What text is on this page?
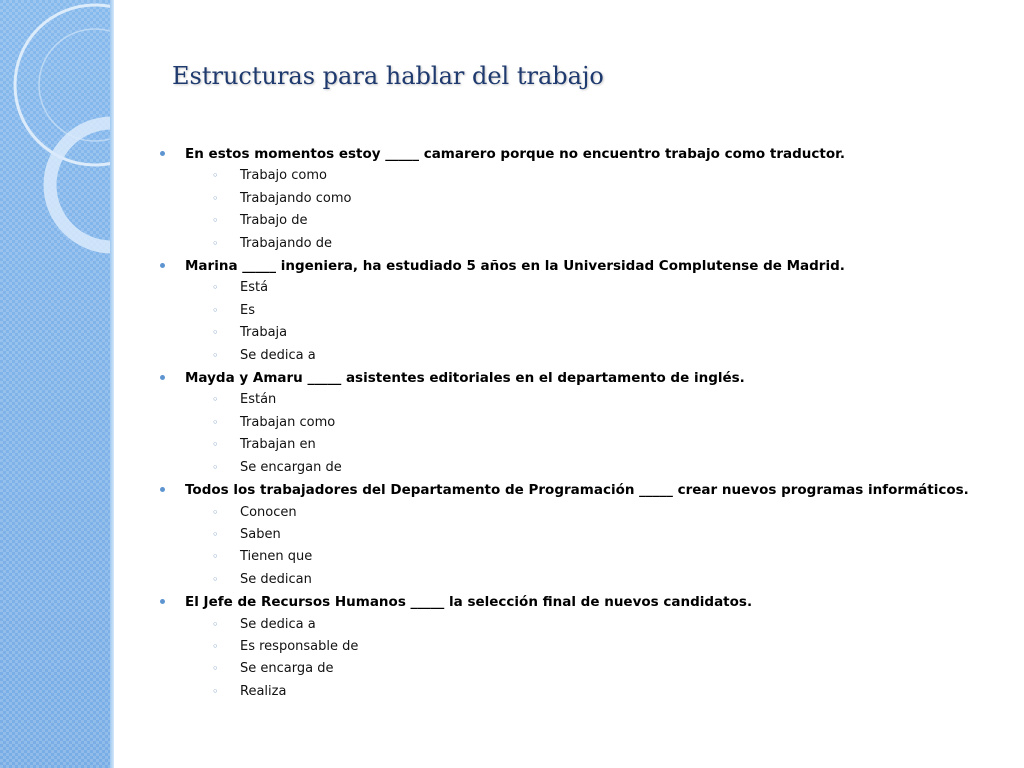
Estructuras para hablar del trabajo
En estos momentos estoy _____ camarero porque no encuentro trabajo como traductor.
◦ Trabajo como
◦ Trabajando como
◦ Trabajo de
◦ Trabajando de
Marina _____ ingeniera, ha estudiado 5 años en la Universidad Complutense de Madrid.
◦ Está
◦ Es
◦ Trabaja
◦ Se dedica a
Mayda y Amaru _____ asistentes editoriales en el departamento de inglés.
◦ Están
◦ Trabajan como
◦ Trabajan en
◦ Se encargan de
Todos los trabajadores del Departamento de Programación _____ crear nuevos programas informáticos.
◦ Conocen
◦ Saben
◦ Tienen que
◦ Se dedican
El Jefe de Recursos Humanos _____ la selección final de nuevos candidatos.
◦ Se dedica a
◦ Es responsable de
◦ Se encarga de
◦ Realiza
